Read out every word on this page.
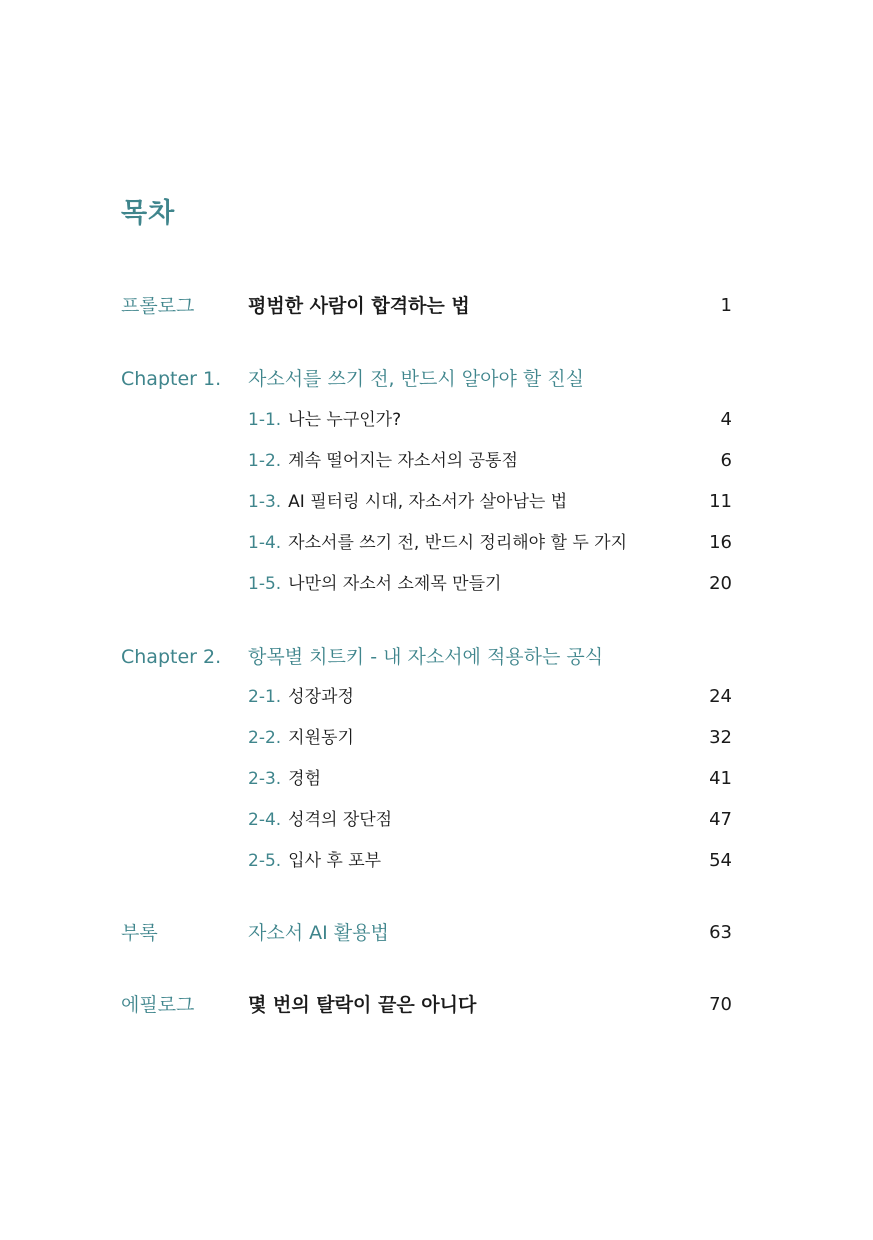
목차
프롤로그	평범한 사람이 합격하는 법	1
Chapter 1. 자소서를 쓰기 전, 반드시 알아야 할 진실
1-1. 나는 누구인가?	4
1-2. 계속 떨어지는 자소서의 공통점	6
1-3. AI 필터링 시대, 자소서가 살아남는 법	11
1-4. 자소서를 쓰기 전, 반드시 정리해야 할 두 가지	16
1-5. 나만의 자소서 소제목 만들기	20
Chapter 2. 항목별 치트키 - 내 자소서에 적용하는 공식
2-1. 성장과정	24
2-2. 지원동기	32
2-3. 경험	41
2-4. 성격의 장단점	47
2-5. 입사 후 포부	54
부록	자소서 AI 활용법	63
에필로그	몇 번의 탈락이 끝은 아니다	70
